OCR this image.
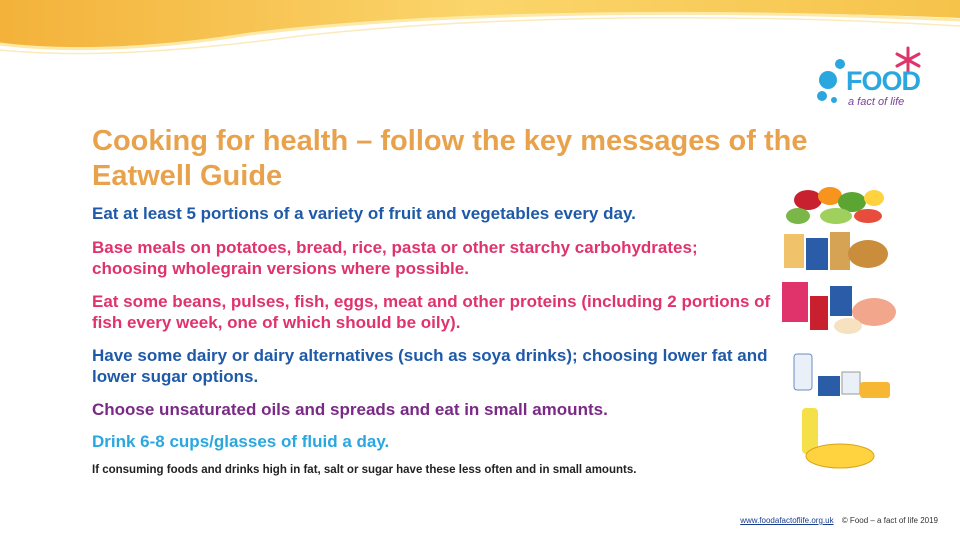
FOOD
a fact of life
Cooking for health – follow the key messages of the Eatwell Guide
Eat at least 5 portions of a variety of fruit and vegetables every day.
Base meals on potatoes, bread, rice, pasta or other starchy carbohydrates; choosing wholegrain versions where possible.
Eat some beans, pulses, fish, eggs, meat and other proteins (including 2 portions of fish every week, one of which should be oily).
Have some dairy or dairy alternatives (such as soya drinks); choosing lower fat and lower sugar options.
Choose unsaturated oils and spreads and eat in small amounts.
Drink 6-8 cups/glasses of fluid a day.
If consuming foods and drinks high in fat, salt or sugar have these less often and in small amounts.
www.foodafactoflife.org.uk © Food – a fact of life 2019
